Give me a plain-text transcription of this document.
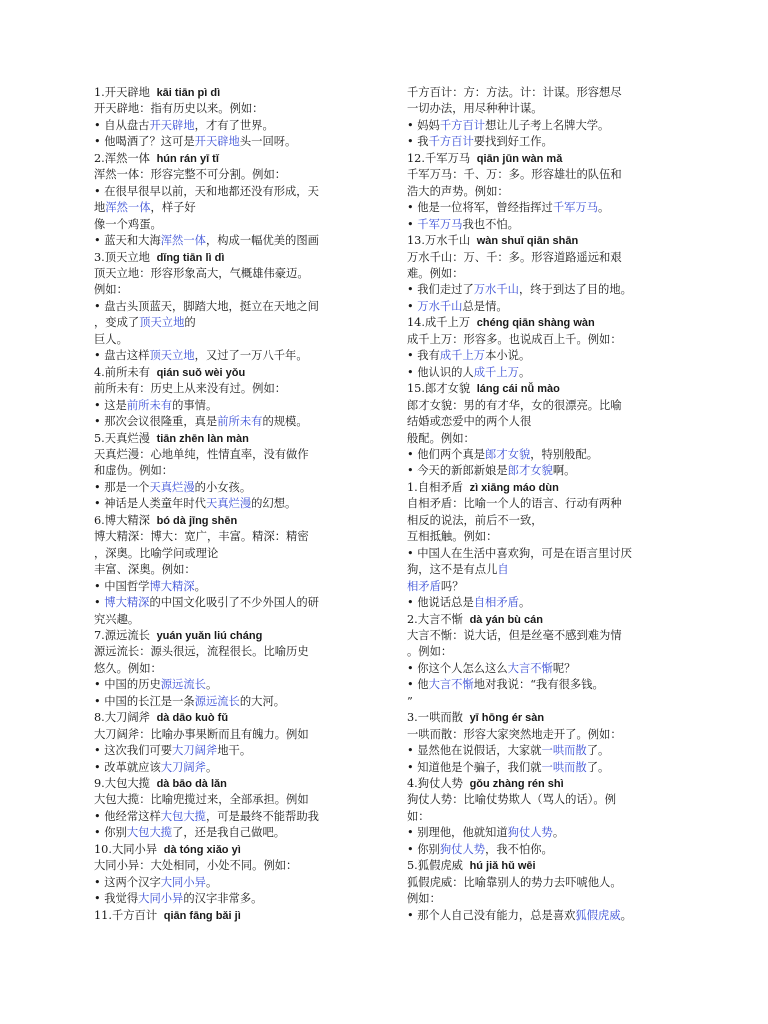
1.开天辟地 kāi tiān pì dì
开天辟地：指有历史以来。例如：
• 自从盘古开天辟地，才有了世界。
• 他喝酒了？这可是开天辟地头一回呀。
2.浑然一体 hún rán yī tǐ
浑然一体：形容完整不可分割。例如：
• 在很早很早以前，天和地都还没有形成，天
地浑然一体，样子好
像一个鸡蛋。
• 蓝天和大海浑然一体，构成一幅优美的图画
3.顶天立地 dǐng tiān lì dì
顶天立地：形容形象高大，气概雄伟豪迈。
例如：
• 盘古头顶蓝天，脚踏大地，挺立在天地之间
，变成了顶天立地的
巨人。
• 盘古这样顶天立地，又过了一万八千年。
4.前所未有 qián suǒ wèi yǒu
前所未有：历史上从来没有过。例如：
• 这是前所未有的事情。
• 那次会议很隆重，真是前所未有的规模。
5.天真烂漫 tiān zhēn làn màn
天真烂漫：心地单纯，性情直率，没有做作
和虚伪。例如：
• 那是一个天真烂漫的小女孩。
• 神话是人类童年时代天真烂漫的幻想。
6.博大精深 bó dà jīng shēn
博大精深：博大：宽广，丰富。精深：精密
，深奥。比喻学问或理论
丰富、深奥。例如：
• 中国哲学博大精深。
• 博大精深的中国文化吸引了不少外国人的研
究兴趣。
7.源远流长 yuán yuǎn liú cháng
源远流长：源头很远，流程很长。比喻历史
悠久。例如：
• 中国的历史源远流长。
• 中国的长江是一条源远流长的大河。
8.大刀阔斧 dà dāo kuò fǔ
大刀阔斧：比喻办事果断而且有魄力。例如
• 这次我们可要大刀阔斧地干。
• 改革就应该大刀阔斧。
9.大包大揽 dà bāo dà lǎn
大包大揽：比喻兜揽过来，全部承担。例如
• 他经常这样大包大揽，可是最终不能帮助我
• 你别大包大揽了，还是我自己做吧。
10.大同小异 dà tóng xiǎo yì
大同小异：大处相同，小处不同。例如：
• 这两个汉字大同小异。
• 我觉得大同小异的汉字非常多。
11.千方百计 qiān fāng bǎi jì
千方百计：方：方法。计：计谋。形容想尽
一切办法，用尽种种计谋。
• 妈妈千方百计想让儿子考上名牌大学。
• 我千方百计要找到好工作。
12.千军万马 qiān jūn wàn mǎ
千军万马：千、万：多。形容雄壮的队伍和
浩大的声势。例如：
• 他是一位将军，曾经指挥过千军万马。
• 千军万马我也不怕。
13.万水千山 wàn shuǐ qiān shān
万水千山：万、千：多。形容道路遥远和艰
难。例如：
• 我们走过了万水千山，终于到达了目的地。
• 万水千山总是情。
14.成千上万 chéng qiān shàng wàn
成千上万：形容多。也说成百上千。例如：
• 我有成千上万本小说。
• 他认识的人成千上万。
15.郎才女貌 láng cái nǚ mào
郎才女貌：男的有才华，女的很漂亮。比喻
结婚或恋爱中的两个人很
般配。例如：
• 他们两个真是郎才女貌，特别般配。
• 今天的新郎新娘是郎才女貌啊。
1.自相矛盾 zì xiāng máo dùn
自相矛盾：比喻一个人的语言、行动有两种
相反的说法，前后不一致，
互相抵触。例如：
• 中国人在生活中喜欢狗，可是在语言里讨厌
狗，这不是有点儿自
相矛盾吗？
• 他说话总是自相矛盾。
2.大言不惭 dà yán bù cán
大言不惭：说大话，但是丝毫不感到难为情
。例如：
• 你这个人怎么这么大言不惭呢？
• 他大言不惭地对我说：“我有很多钱。
”
3.一哄而散 yī hōng ér sàn
一哄而散：形容大家突然地走开了。例如：
• 显然他在说假话，大家就一哄而散了。
• 知道他是个骗子，我们就一哄而散了。
4.狗仗人势 gǒu zhàng rén shì
狗仗人势：比喻仗势欺人（骂人的话）。例
如：
• 别理他，他就知道狗仗人势。
• 你别狗仗人势，我不怕你。
5.狐假虎威 hú jiǎ hǔ wēi
狐假虎威：比喻靠别人的势力去吓唬他人。
例如：
• 那个人自己没有能力，总是喜欢狐假虎威。
